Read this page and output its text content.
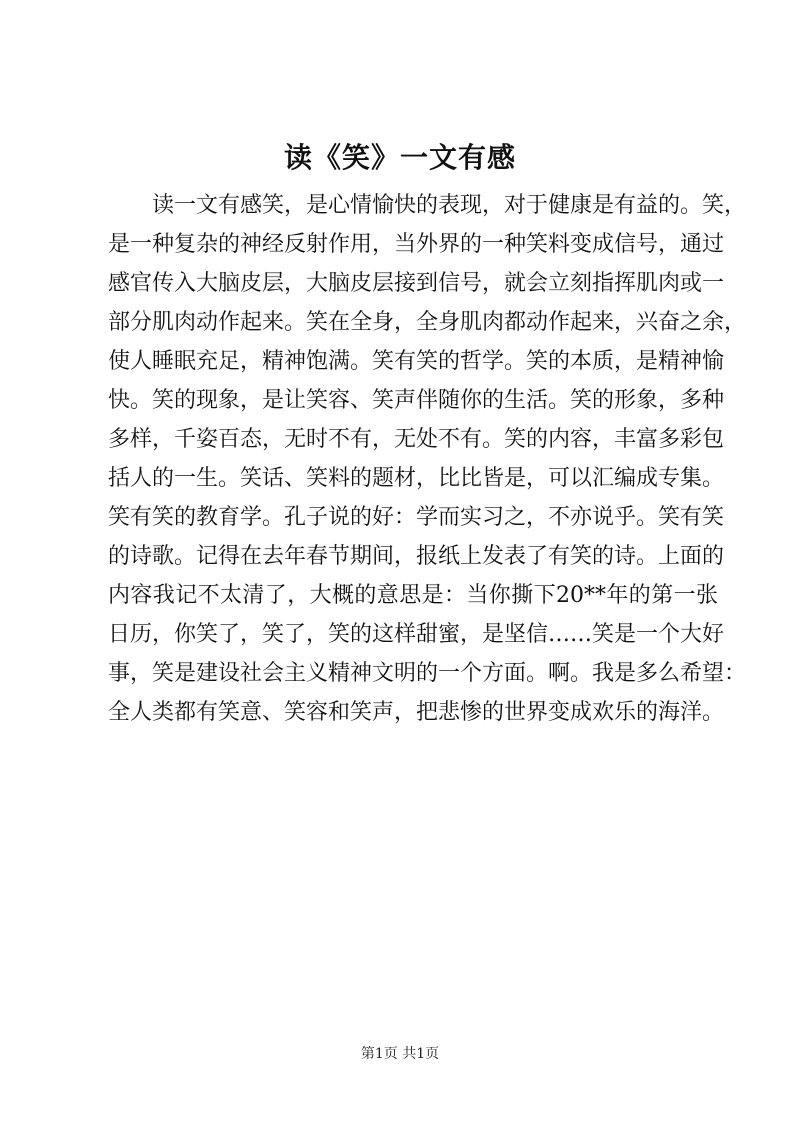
读《笑》一文有感
读一文有感笑，是心情愉快的表现，对于健康是有益的。笑，
是一种复杂的神经反射作用，当外界的一种笑料变成信号，通过
感官传入大脑皮层，大脑皮层接到信号，就会立刻指挥肌肉或一
部分肌肉动作起来。笑在全身，全身肌肉都动作起来，兴奋之余，
使人睡眠充足，精神饱满。笑有笑的哲学。笑的本质，是精神愉
快。笑的现象，是让笑容、笑声伴随你的生活。笑的形象，多种
多样，千姿百态，无时不有，无处不有。笑的内容，丰富多彩包
括人的一生。笑话、笑料的题材，比比皆是，可以汇编成专集。
笑有笑的教育学。孔子说的好：学而实习之，不亦说乎。笑有笑
的诗歌。记得在去年春节期间，报纸上发表了有笑的诗。上面的
内容我记不太清了，大概的意思是：当你撕下20**年的第一张
日历，你笑了，笑了，笑的这样甜蜜，是坚信……笑是一个大好
事，笑是建设社会主义精神文明的一个方面。啊。我是多么希望：
全人类都有笑意、笑容和笑声，把悲惨的世界变成欢乐的海洋。
第1页 共1页
